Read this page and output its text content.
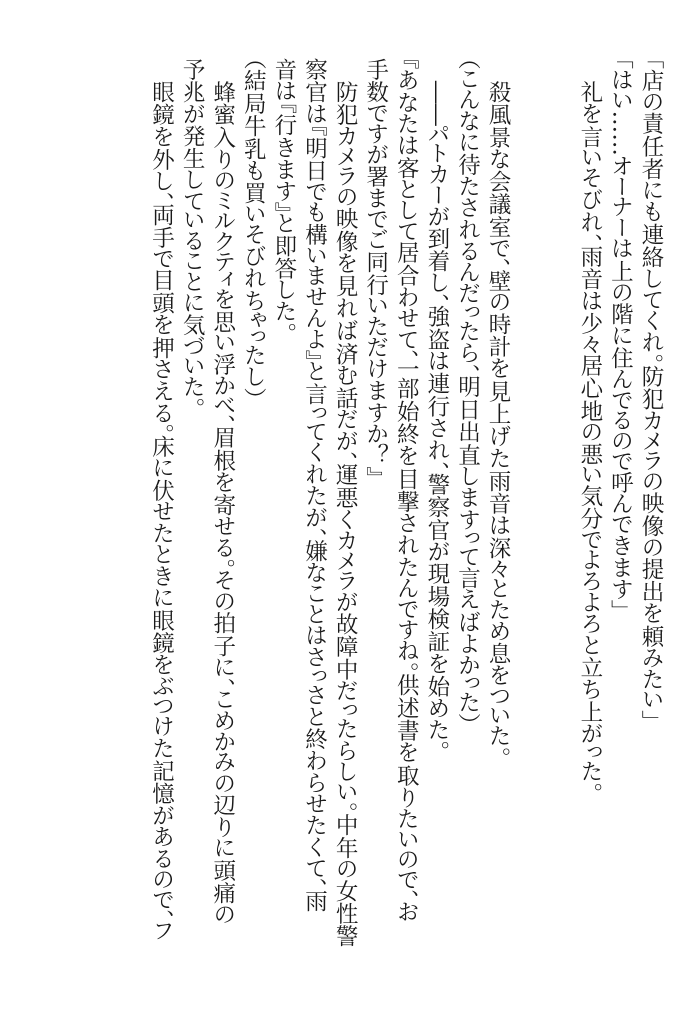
「店の責任者にも連絡してくれ。防犯カメラの映像の提出を頼みたい」

「はい……オーナーは上の階に住んでるので呼んできます」

　礼を言いそびれ、雨音は少々居心地の悪い気分でよろよろと立ち上がった。

　殺風景な会議室で、壁の時計を見上げた雨音は深々とため息をついた。

（こんなに待たされるんだったら、明日出直しますって言えばよかった）

　――パトカーが到着し、強盗は連行され、警察官が現場検証を始めた。

『あなたは客として居合わせて、一部始終を目撃されたんですね。供述書を取りたいので、お

手数ですが署までご同行いただけますか？』

　防犯カメラの映像を見れば済む話だが、運悪くカメラが故障中だったらしい。中年の女性警

察官は『明日でも構いませんよ』と言ってくれたが、嫌なことはさっさと終わらせたくて、雨

音は『行きます』と即答した。

（結局牛乳も買いそびれちゃったし）

　蜂蜜入りのミルクティを思い浮かべ、眉根を寄せる。その拍子に、こめかみの辺りに頭痛の

予兆が発生していることに気づいた。

　眼鏡を外し、両手で目頭を押さえる。床に伏せたときに眼鏡をぶつけた記憶があるので、フ
